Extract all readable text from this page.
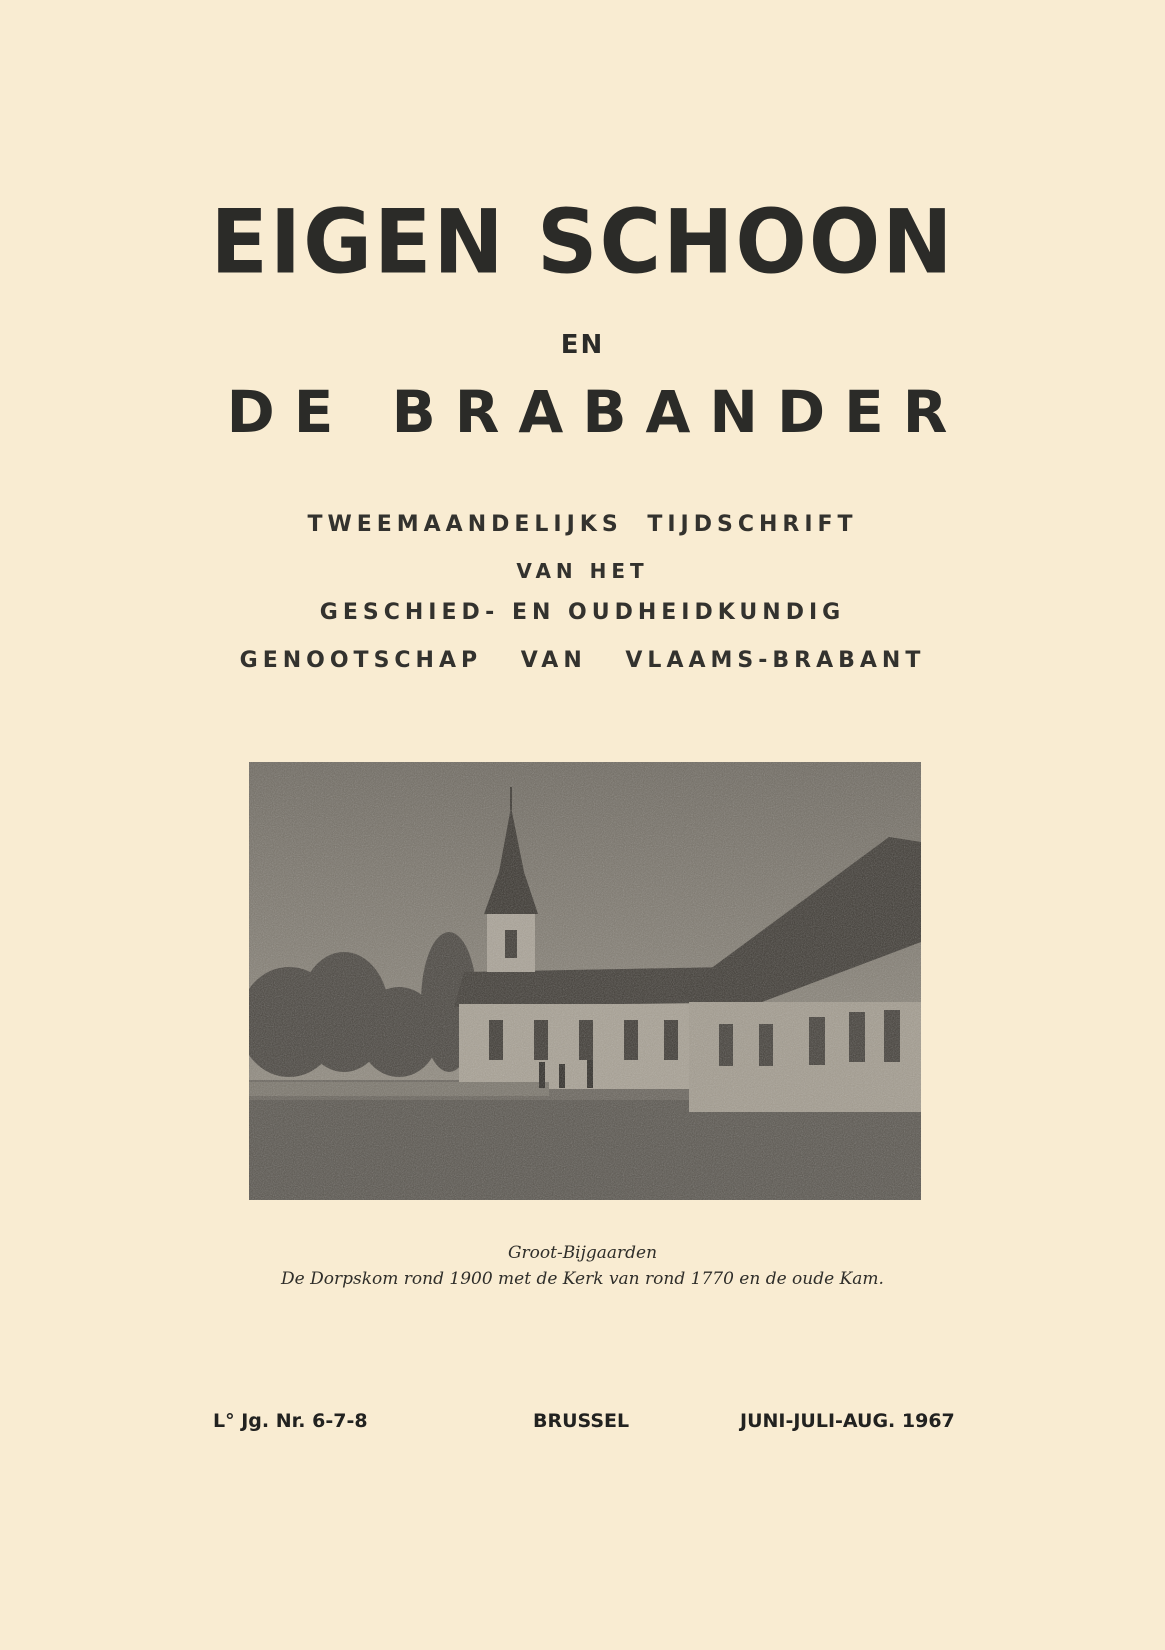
EIGEN SCHOON
EN
DE BRABANDER
TWEEMAANDELIJKS TIJDSCHRIFT
VAN HET
GESCHIED- EN OUDHEIDKUNDIG
GENOOTSCHAP VAN VLAAMS-BRABANT
Groot-Bijgaarden
De Dorpskom rond 1900 met de Kerk van rond 1770 en de oude Kam.
L° Jg. Nr. 6-7-8	BRUSSEL	JUNI-JULI-AUG. 1967
